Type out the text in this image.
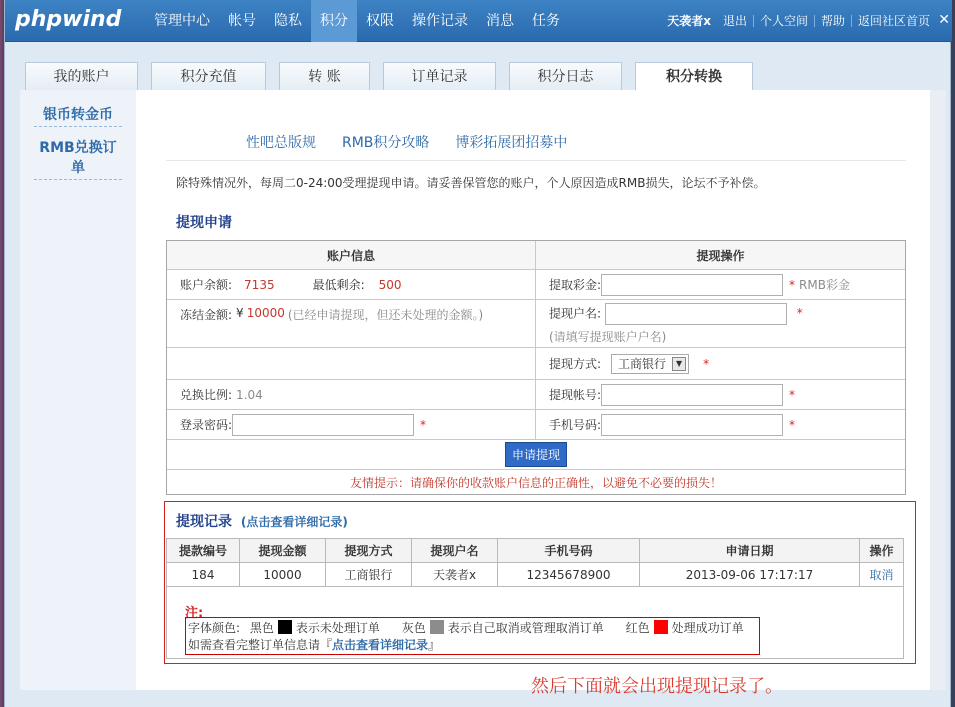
phpwind	管理中心	帐号	隐私	积分	权限	操作记录	消息	任务	天袭者x	退出	个人空间	帮助	返回社区首页 ✕
我的账户	积分充值	转 账	订单记录	积分日志	积分转换
银币转金币
RMB兑换订单
性吧总版规 RMB积分攻略 博彩拓展团招募中
除特殊情况外，每周二0-24:00受理提现申请。请妥善保管您的账户，个人原因造成RMB损失，论坛不予补偿。
提现申请
账户信息	提现操作
账户余额: 7135	最低剩余: 500	提取彩金:	* RMB彩金
冻结金额: ¥ 10000 (已经申请提现，但还未处理的金额。)	提现户名:	*
(请填写提现账户户名)
提现方式: 工商银行	▼	*
兑换比例: 1.04	提现帐号:	*
登录密码:	*	手机号码:	*
申请提现
友情提示：请确保你的收款账户信息的正确性，以避免不必要的损失！
提现记录 (点击查看详细记录)
提款编号	提现金额	提现方式	提现户名	手机号码	申请日期	操作
184	10000	工商银行	天袭者x	12345678900	2013-09-06 17:17:17	取消
注:
字体颜色: 黑色 表示未处理订单 灰色 表示自己取消或管理取消订单 红色 处理成功订单
如需查看完整订单信息请『点击查看详细记录』
然后下面就会出现提现记录了。
